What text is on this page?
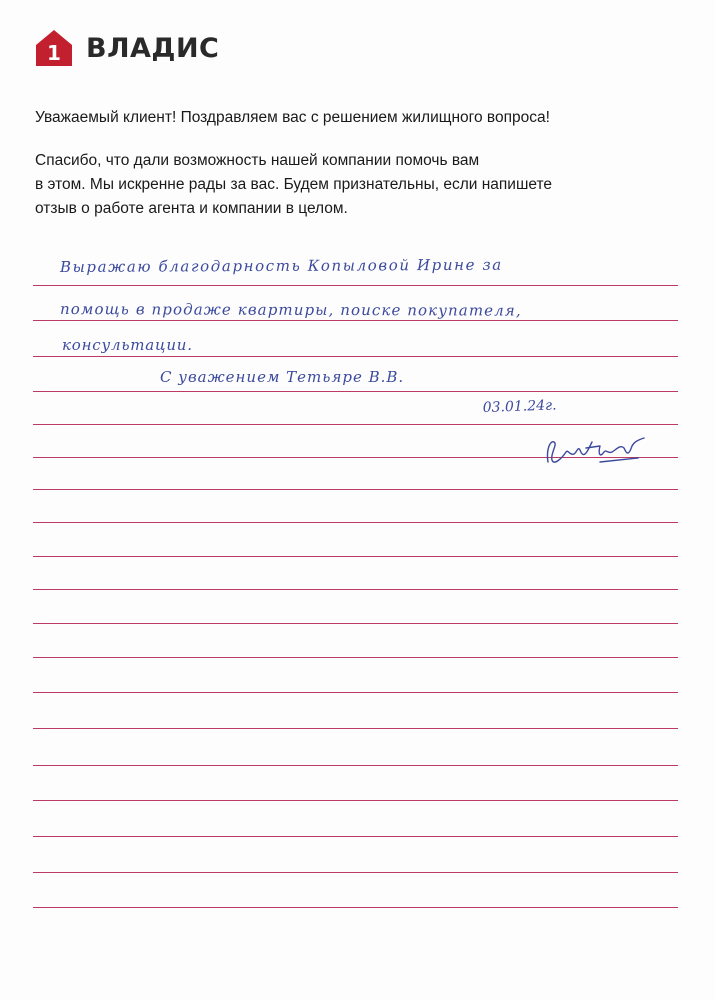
1 ВЛАДИС

Уважаемый клиент! Поздравляем вас с решением жилищного вопроса!

Спасибо, что дали возможность нашей компании помочь вам
в этом. Мы искренне рады за вас. Будем признательны, если напишете
отзыв о работе агента и компании в целом.

Выражаю благодарность Копыловой Ирине за
помощь в продаже квартиры, поиске покупателя,
консультации.
С уважением Тетьяре В.В.
03.01.24г.
